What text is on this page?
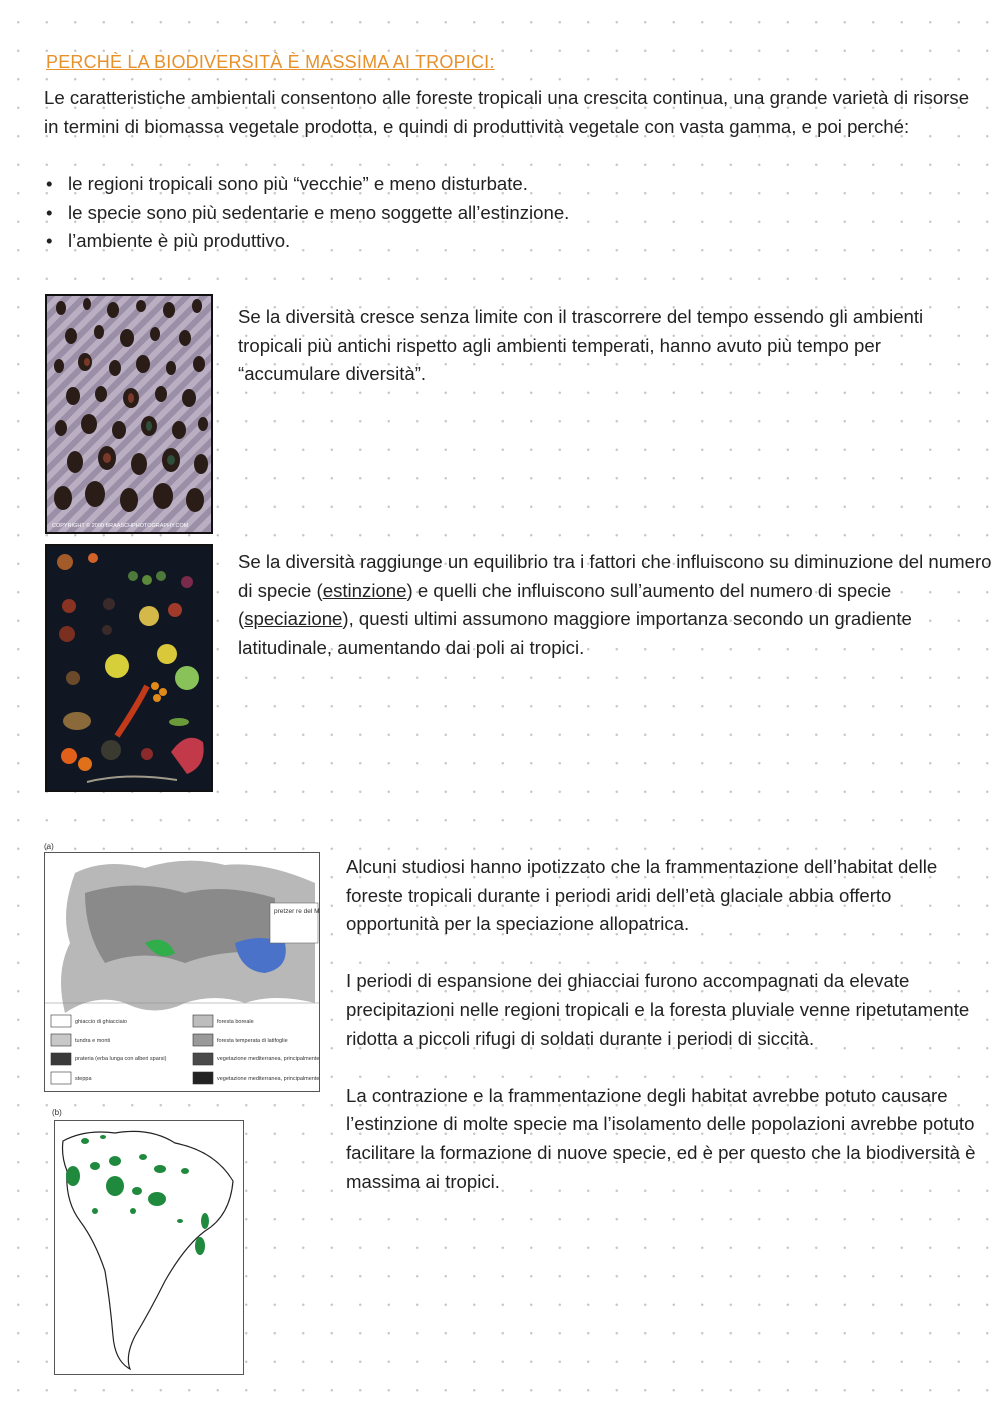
PERCHÈ LA BIODIVERSITÀ È MASSIMA AI TROPICI:
Le caratteristiche ambientali consentono alle foreste tropicali una crescita continua, una grande varietà di risorse in termini di biomassa vegetale prodotta, e quindi di produttività vegetale con vasta gamma, e poi perché:
• le regioni tropicali sono più “vecchie” e meno disturbate.
• le specie sono più sedentarie e meno soggette all’estinzione.
• l’ambiente è più produttivo.
COPYRIGHT © 2000 BRAASCHPHOTOGRAPHY.COM
Se la diversità cresce senza limite con il trascorrere del tempo essendo gli ambienti tropicali più antichi rispetto agli ambienti temperati, hanno avuto più tempo per “accumulare diversità”.
Se la diversità raggiunge un equilibrio tra i fattori che influiscono su diminuzione del numero di specie (estinzione) e quelli che influiscono sull’aumento del numero di specie (speciazione), questi ultimi assumono maggiore importanza secondo un gradiente latitudinale, aumentando dai poli ai tropici.
pretzer re del M
ghiaccio di ghiacciaio
tundra e monti
prateria (erba lunga con alberi sparsi)
steppa
foresta boreale
foresta temperata di latifoglie
vegetazione mediterranea, principalmente
vegetazione mediterranea, principalmente
(a)
(b)

Alcuni studiosi hanno ipotizzato che la frammentazione dell’habitat delle foreste tropicali durante i periodi aridi dell’età glaciale abbia offerto opportunità per la speciazione allopatrica.

I periodi di espansione dei ghiacciai furono accompagnati da elevate precipitazioni nelle regioni tropicali e la foresta pluviale venne ripetutamente ridotta a piccoli rifugi di soldati durante i periodi di siccità.

La contrazione e la frammentazione degli habitat avrebbe potuto causare l’estinzione di molte specie ma l’isolamento delle popolazioni avrebbe potuto facilitare la formazione di nuove specie, ed è per questo che la biodiversità è massima ai tropici.
